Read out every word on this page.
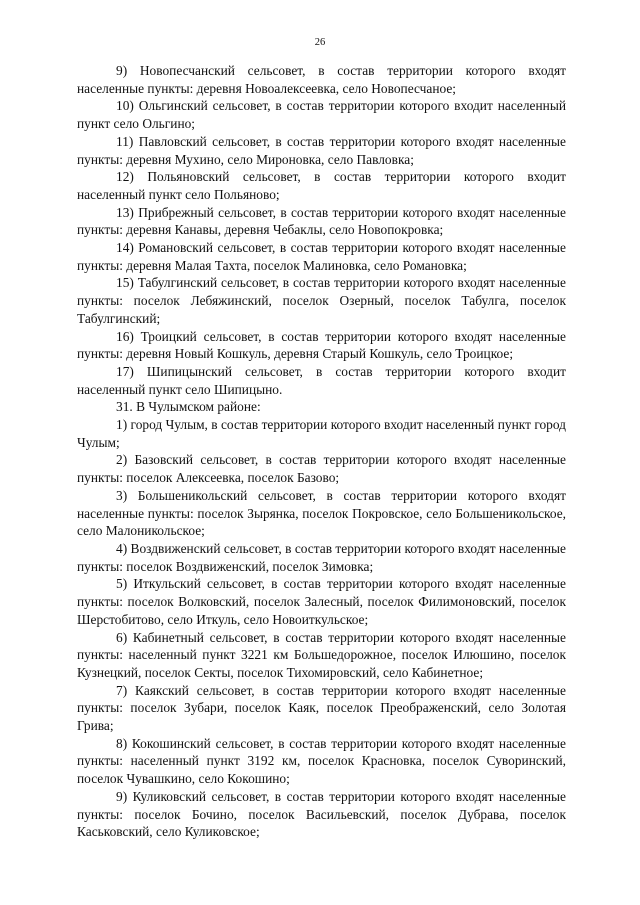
26

9) Новопесчанский сельсовет, в состав территории которого входят населенные пункты: деревня Новоалексеевка, село Новопесчаное;

10) Ольгинский сельсовет, в состав территории которого входит населенный пункт село Ольгино;

11) Павловский сельсовет, в состав территории которого входят населенные пункты: деревня Мухино, село Мироновка, село Павловка;

12) Польяновский сельсовет, в состав территории которого входит населенный пункт село Польяново;

13) Прибрежный сельсовет, в состав территории которого входят населенные пункты: деревня Канавы, деревня Чебаклы, село Новопокровка;

14) Романовский сельсовет, в состав территории которого входят населенные пункты: деревня Малая Тахта, поселок Малиновка, село Романовка;

15) Табулгинский сельсовет, в состав территории которого входят населенные пункты: поселок Лебяжинский, поселок Озерный, поселок Табулга, поселок Табулгинский;

16) Троицкий сельсовет, в состав территории которого входят населенные пункты: деревня Новый Кошкуль, деревня Старый Кошкуль, село Троицкое;

17) Шипицынский сельсовет, в состав территории которого входит населенный пункт село Шипицыно.

31. В Чулымском районе:

1) город Чулым, в состав территории которого входит населенный пункт город Чулым;

2) Базовский сельсовет, в состав территории которого входят населенные пункты: поселок Алексеевка, поселок Базово;

3) Большеникольский сельсовет, в состав территории которого входят населенные пункты: поселок Зырянка, поселок Покровское, село Большеникольское, село Малоникольское;

4) Воздвиженский сельсовет, в состав территории которого входят населенные пункты: поселок Воздвиженский, поселок Зимовка;

5) Иткульский сельсовет, в состав территории которого входят населенные пункты: поселок Волковский, поселок Залесный, поселок Филимоновский, поселок Шерстобитово, село Иткуль, село Новоиткульское;

6) Кабинетный сельсовет, в состав территории которого входят населенные пункты: населенный пункт 3221 км Большедорожное, поселок Илюшино, поселок Кузнецкий, поселок Секты, поселок Тихомировский, село Кабинетное;

7) Каякский сельсовет, в состав территории которого входят населенные пункты: поселок Зубари, поселок Каяк, поселок Преображенский, село Золотая Грива;

8) Кокошинский сельсовет, в состав территории которого входят населенные пункты: населенный пункт 3192 км, поселок Красновка, поселок Суворинский, поселок Чувашкино, село Кокошино;

9) Куликовский сельсовет, в состав территории которого входят населенные пункты: поселок Бочино, поселок Васильевский, поселок Дубрава, поселок Каськовский, село Куликовское;
